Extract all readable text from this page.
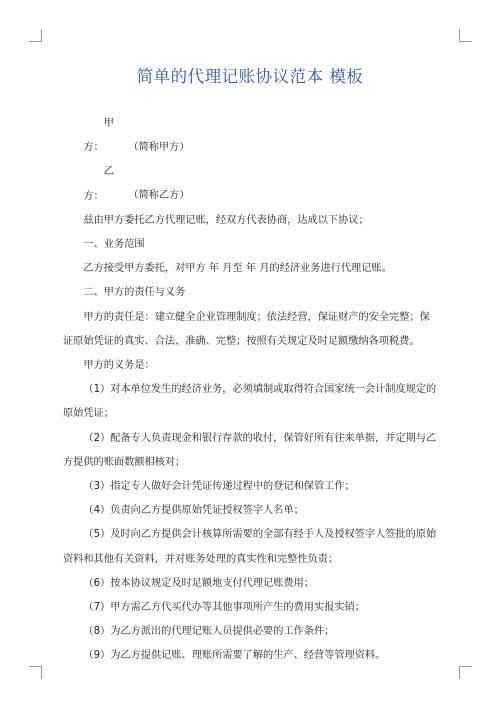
简单的代理记账协议范本 模板

甲方： （简称甲方）

乙方： （简称乙方）

兹由甲方委托乙方代理记账，经双方代表协商，达成以下协议；

一、业务范围

乙方接受甲方委托，对甲方 年 月至 年 月的经济业务进行代理记账。

二、甲方的责任与义务

甲方的责任是：建立健全企业管理制度；依法经营，保证财产的安全完整；保证原始凭证的真实、合法、准确、完整；按照有关规定及时足额缴纳各项税费。

甲方的义务是：

（1）对本单位发生的经济业务，必须填制或取得符合国家统一会计制度规定的原始凭证；

（2）配备专人负责现金和银行存款的收付，保管好所有往来单据，并定期与乙方提供的账面数额相核对；

（3）指定专人做好会计凭证传递过程中的登记和保管工作；

（4）负责向乙方提供原始凭证授权签字人名单；

（5）及时向乙方提供会计核算所需要的全部有经手人及授权签字人签批的原始资料和其他有关资料，并对账务处理的真实性和完整性负责；

（6）按本协议规定及时足额地支付代理记账费用；

（7）甲方需乙方代买代办等其他事项所产生的费用实报实销；

（8）为乙方派出的代理记账人员提供必要的工作条件；

（9）为乙方提供记账、理账所需要了解的生产、经营等管理资料。
